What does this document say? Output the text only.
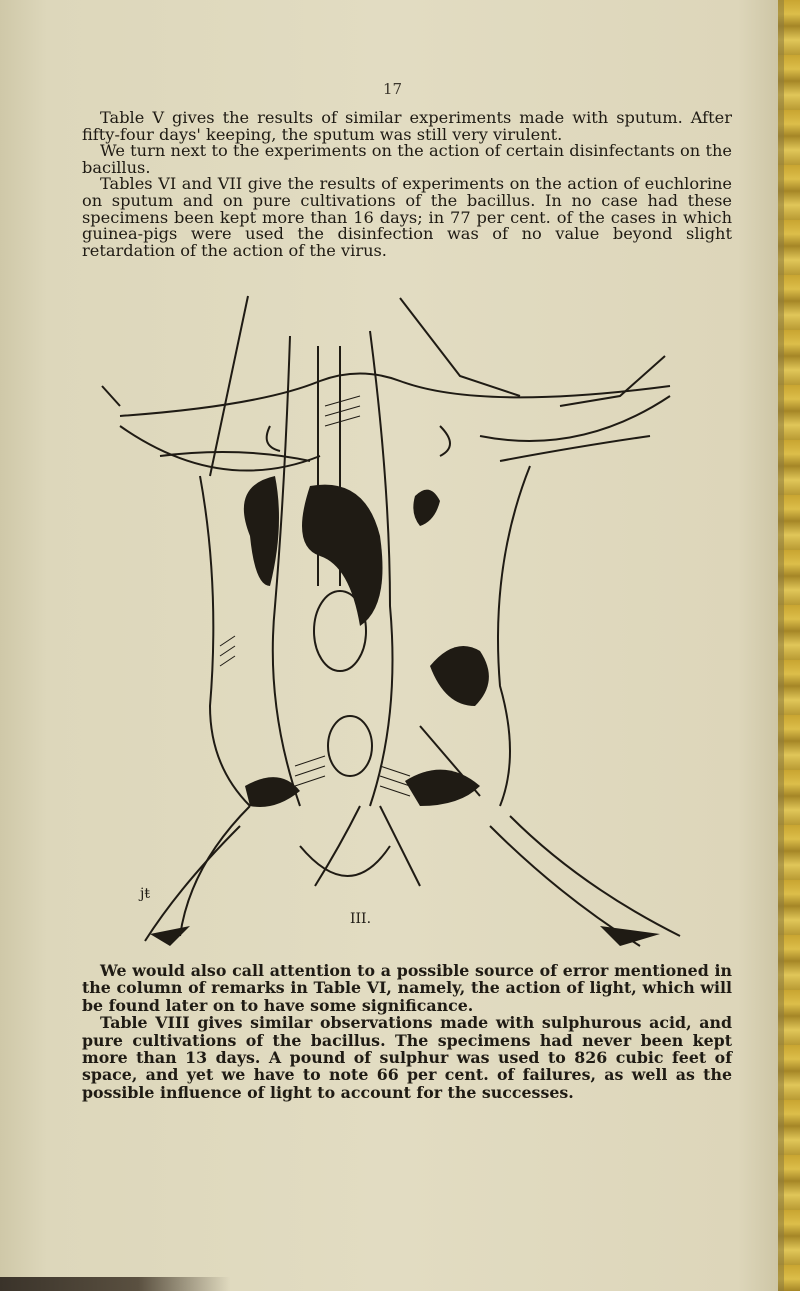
17

Table V gives the results of similar experiments made with sputum. After fifty-four days' keeping, the sputum was still very virulent.

We turn next to the experiments on the action of certain disinfectants on the bacillus.

Tables VI and VII give the results of experiments on the action of euchlorine on sputum and on pure cultivations of the bacillus. In no case had these specimens been kept more than 16 days; in 77 per cent. of the cases in which guinea-pigs were used the disinfection was of no value beyond slight retardation of the action of the virus.

jŧ
III.

We would also call attention to a possible source of error mentioned in the column of remarks in Table VI, namely, the action of light, which will be found later on to have some significance.

Table VIII gives similar observations made with sulphurous acid, and pure cultivations of the bacillus. The specimens had never been kept more than 13 days. A pound of sulphur was used to 826 cubic feet of space, and yet we have to note 66 per cent. of failures, as well as the possible influence of light to account for the successes.
